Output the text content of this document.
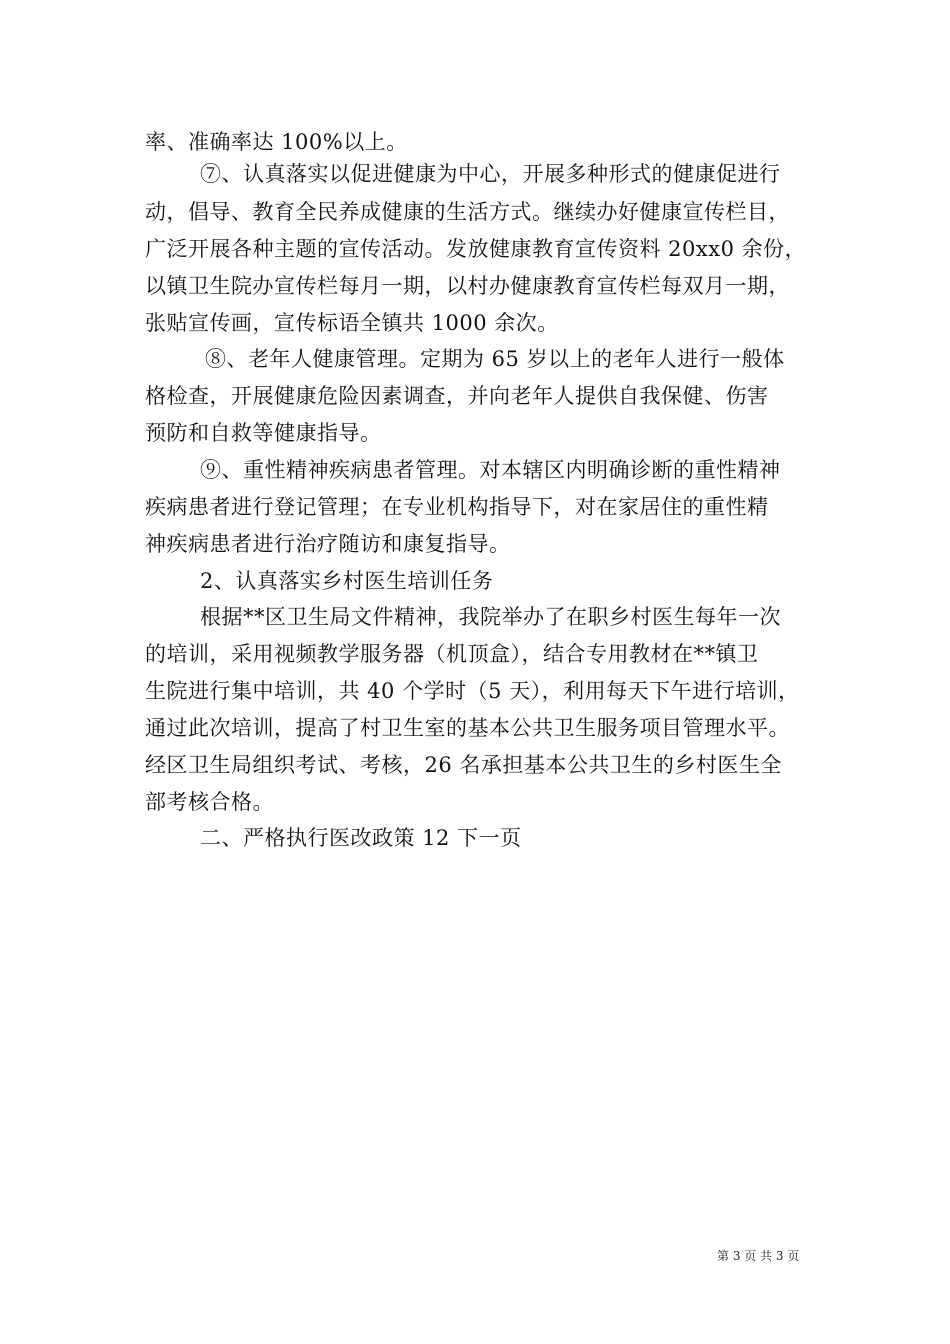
率、准确率达 100%以上。
⑦、认真落实以促进健康为中心，开展多种形式的健康促进行
动，倡导、教育全民养成健康的生活方式。继续办好健康宣传栏目，
广泛开展各种主题的宣传活动。发放健康教育宣传资料 20xx0 余份，
以镇卫生院办宣传栏每月一期，以村办健康教育宣传栏每双月一期，
张贴宣传画，宣传标语全镇共 1000 余次。
⑧、老年人健康管理。定期为 65 岁以上的老年人进行一般体
格检查，开展健康危险因素调查，并向老年人提供自我保健、伤害
预防和自救等健康指导。
⑨、重性精神疾病患者管理。对本辖区内明确诊断的重性精神
疾病患者进行登记管理；在专业机构指导下，对在家居住的重性精
神疾病患者进行治疗随访和康复指导。
2、认真落实乡村医生培训任务
根据**区卫生局文件精神，我院举办了在职乡村医生每年一次
的培训，采用视频教学服务器（机顶盒），结合专用教材在**镇卫
生院进行集中培训，共 40 个学时（5 天），利用每天下午进行培训，
通过此次培训，提高了村卫生室的基本公共卫生服务项目管理水平。
经区卫生局组织考试、考核，26 名承担基本公共卫生的乡村医生全
部考核合格。
二、严格执行医改政策 12 下一页
第 3 页 共 3 页
